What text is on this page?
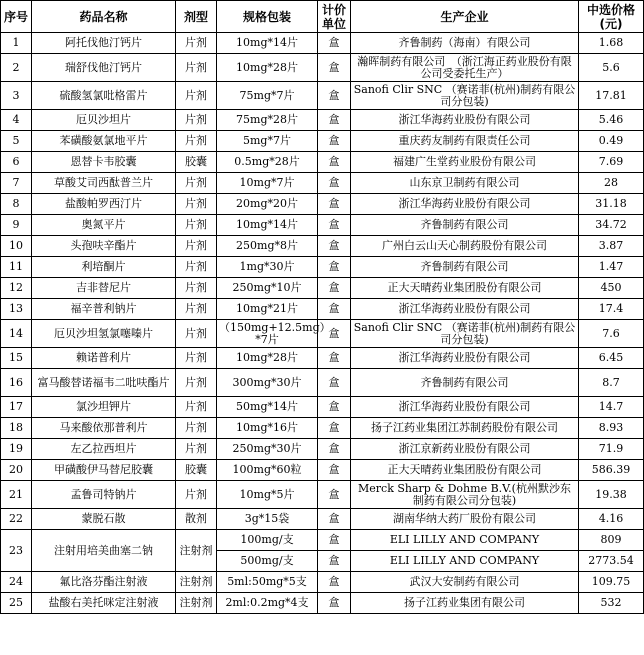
序号	药品名称	剂型	规格包装	计价单位	生产企业	中选价格(元)
1	阿托伐他汀钙片	片剂	10mg*14片	盒	齐鲁制药（海南）有限公司	1.68
2	瑞舒伐他汀钙片	片剂	10mg*28片	盒	瀚晖制药有限公司　（浙江海正药业股份有限公司受委托生产）	5.6
3	硫酸氢氯吡格雷片	片剂	75mg*7片	盒	Sanofi Clir SNC （赛诺菲(杭州)制药有限公司分包装)	17.81
4	厄贝沙坦片	片剂	75mg*28片	盒	浙江华海药业股份有限公司	5.46
5	苯磺酸氨氯地平片	片剂	5mg*7片	盒	重庆药友制药有限责任公司	0.49
6	恩替卡韦胶囊	胶囊	0.5mg*28片	盒	福建广生堂药业股份有限公司	7.69
7	草酸艾司西酞普兰片	片剂	10mg*7片	盒	山东京卫制药有限公司	28
8	盐酸帕罗西汀片	片剂	20mg*20片	盒	浙江华海药业股份有限公司	31.18
9	奥氮平片	片剂	10mg*14片	盒	齐鲁制药有限公司	34.72
10	头孢呋辛酯片	片剂	250mg*8片	盒	广州白云山天心制药股份有限公司	3.87
11	利培酮片	片剂	1mg*30片	盒	齐鲁制药有限公司	1.47
12	吉非替尼片	片剂	250mg*10片	盒	正大天晴药业集团股份有限公司	450
13	福辛普利钠片	片剂	10mg*21片	盒	浙江华海药业股份有限公司	17.4
14	厄贝沙坦氢氯噻嗪片	片剂	（150mg+12.5mg）*7片	盒	Sanofi Clir SNC （赛诺菲(杭州)制药有限公司分包装)	7.6
15	赖诺普利片	片剂	10mg*28片	盒	浙江华海药业股份有限公司	6.45
16	富马酸替诺福韦二吡呋酯片	片剂	300mg*30片	盒	齐鲁制药有限公司	8.7
17	氯沙坦钾片	片剂	50mg*14片	盒	浙江华海药业股份有限公司	14.7
18	马来酸依那普利片	片剂	10mg*16片	盒	扬子江药业集团江苏制药股份有限公司	8.93
19	左乙拉西坦片	片剂	250mg*30片	盒	浙江京新药业股份有限公司	71.9
20	甲磺酸伊马替尼胶囊	胶囊	100mg*60粒	盒	正大天晴药业集团股份有限公司	586.39
21	孟鲁司特钠片	片剂	10mg*5片	盒	Merck Sharp & Dohme B.V.(杭州默沙东制药有限公司分包装)	19.38
22	蒙脱石散	散剂	3g*15袋	盒	湖南华纳大药厂股份有限公司	4.16
23	注射用培美曲塞二钠	注射剂	100mg/支	盒	ELI LILLY AND COMPANY	809
			500mg/支	盒	ELI LILLY AND COMPANY	2773.54
24	氟比洛芬酯注射液	注射剂	5ml:50mg*5支	盒	武汉大安制药有限公司	109.75
25	盐酸右美托咪定注射液	注射剂	2ml:0.2mg*4支	盒	扬子江药业集团有限公司	532
